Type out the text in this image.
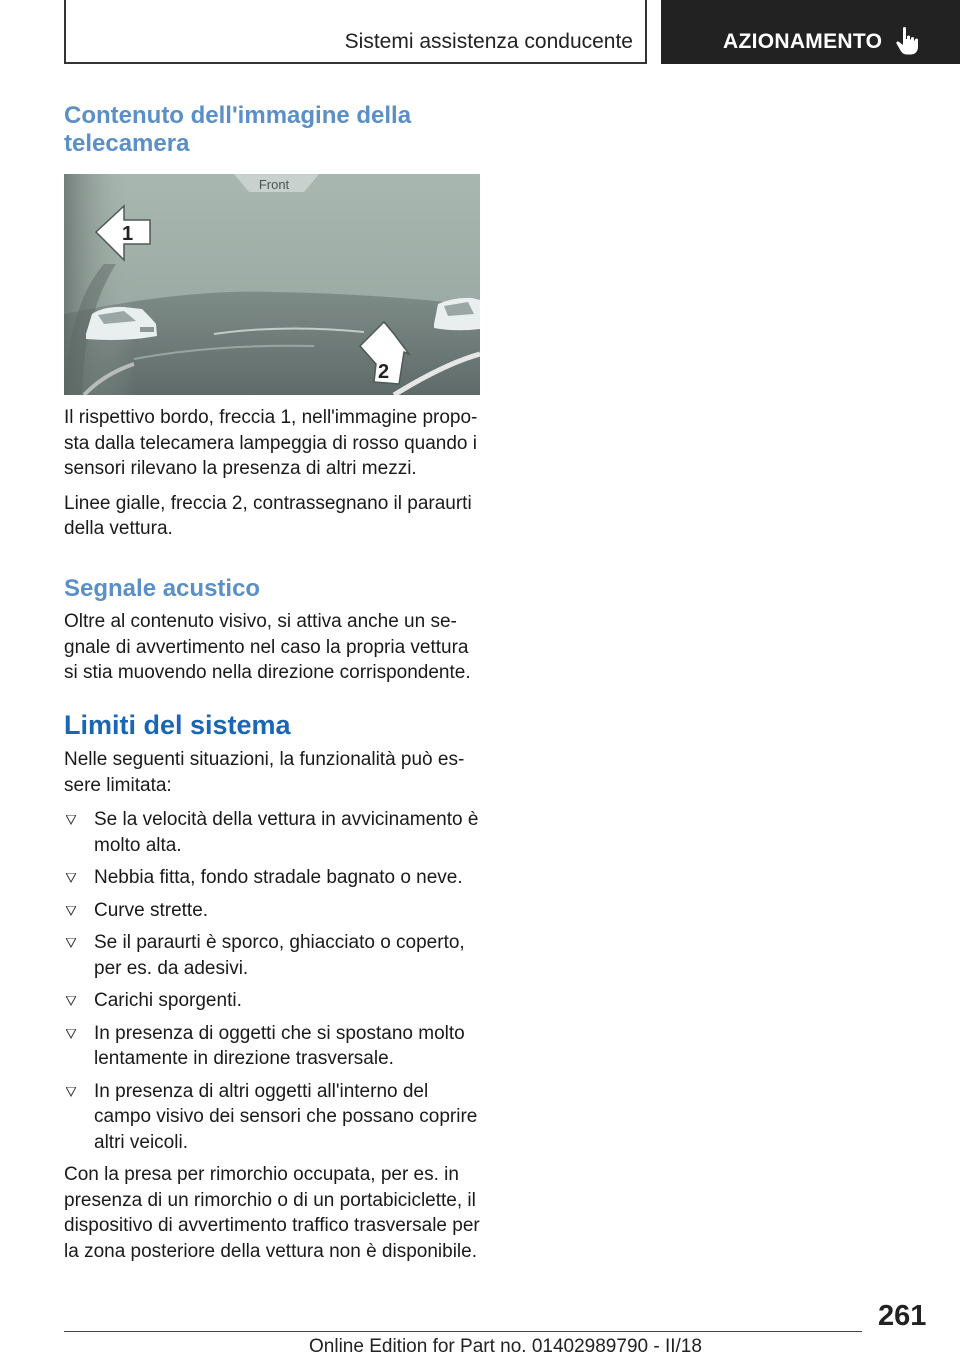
Sistemi assistenza conducente	AZIONAMENTO
Contenuto dell'immagine della telecamera
Front
1
2

Il rispettivo bordo, freccia 1, nell'immagine propo-sta dalla telecamera lampeggia di rosso quando i sensori rilevano la presenza di altri mezzi.

Linee gialle, freccia 2, contrassegnano il paraurti della vettura.

Segnale acustico

Oltre al contenuto visivo, si attiva anche un se-gnale di avvertimento nel caso la propria vettura si stia muovendo nella direzione corrispondente.

Limiti del sistema

Nelle seguenti situazioni, la funzionalità può es-sere limitata:

Se la velocità della vettura in avvicinamento è molto alta.
Nebbia fitta, fondo stradale bagnato o neve.
Curve strette.
Se il paraurti è sporco, ghiacciato o coperto, per es. da adesivi.
Carichi sporgenti.
In presenza di oggetti che si spostano molto lentamente in direzione trasversale.
In presenza di altri oggetti all'interno del campo visivo dei sensori che possano coprire altri veicoli.

Con la presa per rimorchio occupata, per es. in presenza di un rimorchio o di un portabiciclette, il dispositivo di avvertimento traffico trasversale per la zona posteriore della vettura non è disponibile.

261
Online Edition for Part no. 01402989790 - II/18
